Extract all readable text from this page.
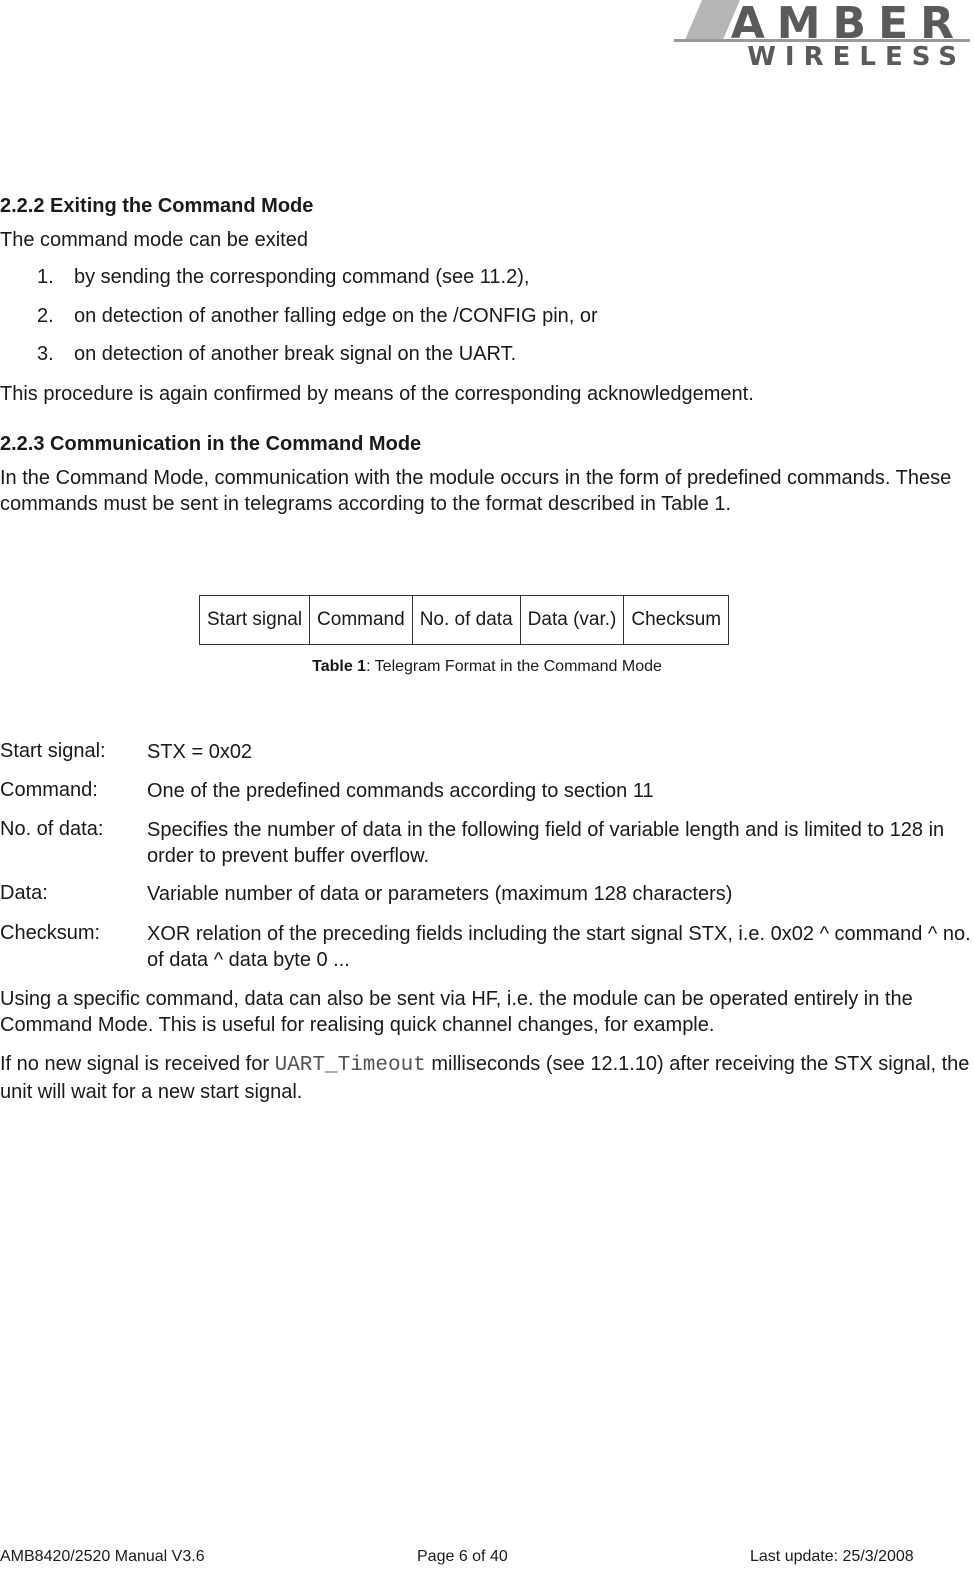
AMBER
WIRELESS
2.2.2 Exiting the Command Mode

The command mode can be exited

1. by sending the corresponding command (see 11.2),
2. on detection of another falling edge on the /CONFIG pin, or
3. on detection of another break signal on the UART.

This procedure is again confirmed by means of the corresponding acknowledgement.

2.2.3 Communication in the Command Mode

In the Command Mode, communication with the module occurs in the form of predefined commands. These commands must be sent in telegrams according to the format described in Table 1.

Start signal	Command	No. of data	Data (var.)	Checksum

Table 1: Telegram Format in the Command Mode

Start signal: STX = 0x02
Command: One of the predefined commands according to section 11
No. of data: Specifies the number of data in the following field of variable length and is limited to 128 in order to prevent buffer overflow.
Data:	Variable number of data or parameters (maximum 128 characters)
Checksum: XOR relation of the preceding fields including the start signal STX, i.e. 0x02 ^ command ^ no. of data ^ data byte 0 ...

Using a specific command, data can also be sent via HF, i.e. the module can be operated entirely in the Command Mode. This is useful for realising quick channel changes, for example.

If no new signal is received for UART_Timeout milliseconds (see 12.1.10) after receiving the STX signal, the unit will wait for a new start signal.

AMB8420/2520 Manual V3.6	Page 6 of 40	Last update: 25/3/2008
